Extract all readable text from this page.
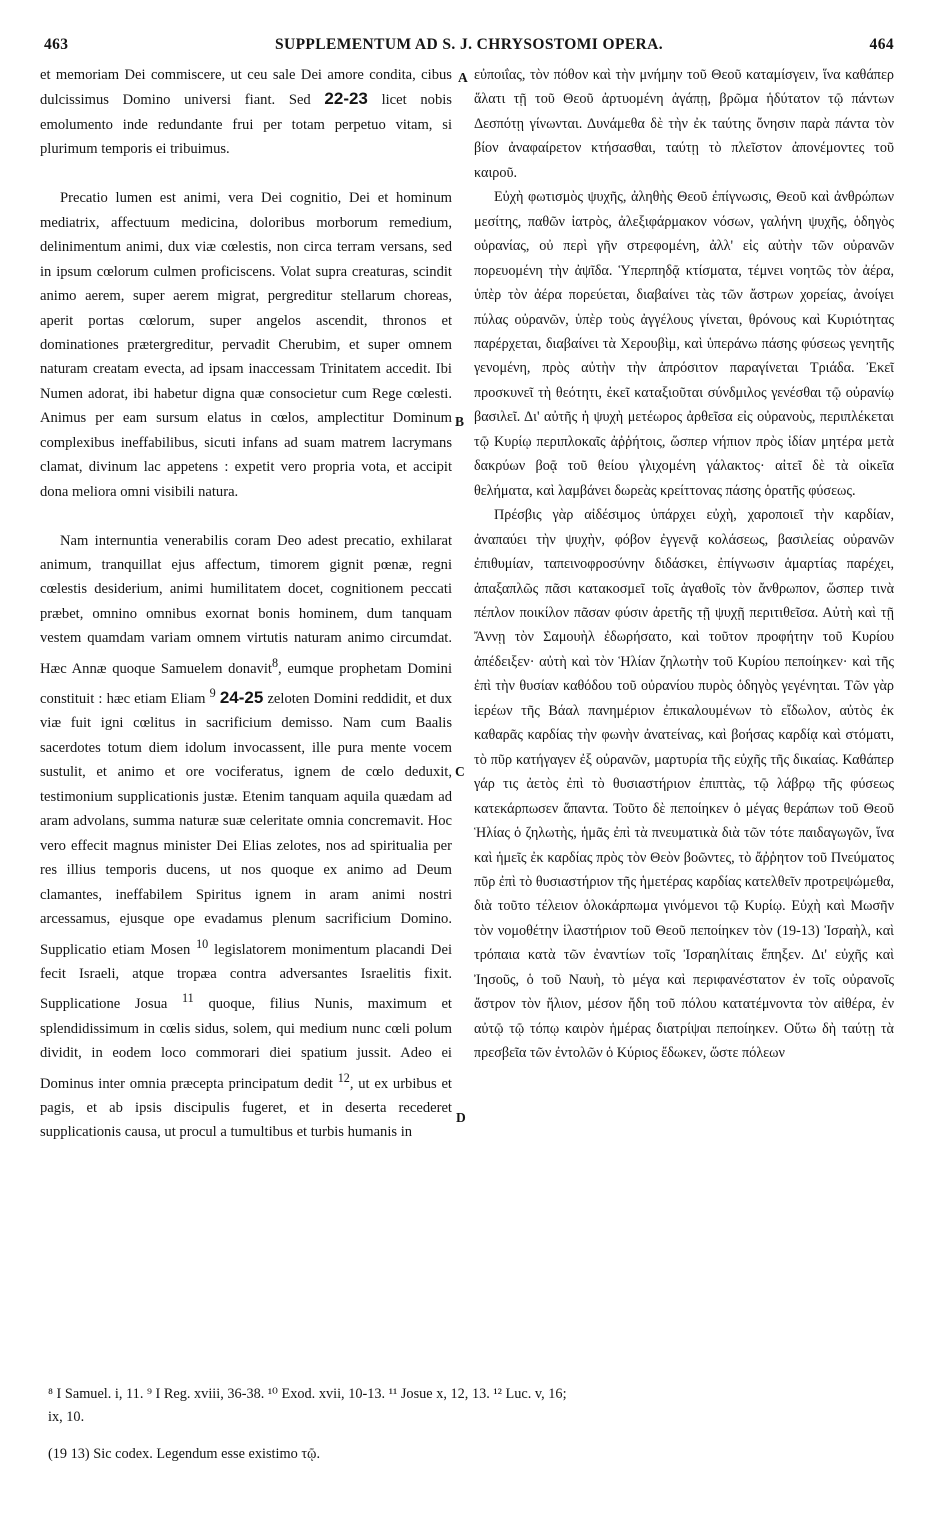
463	SUPPLEMENTUM AD S. J. CHRYSOSTOMI OPERA.	464
A
B
C
D

et memoriam Dei commiscere, ut ceu sale Dei amore condita, cibus dulcissimus Domino universi fiant. Sed 22-23 licet nobis emolumento inde redundante frui per totam perpetuo vitam, si plurimum temporis ei tribuimus.

Precatio lumen est animi, vera Dei cognitio, Dei et hominum mediatrix, affectuum medicina, doloribus morborum remedium, delinimentum animi, dux viæ cœlestis, non circa terram versans, sed in ipsum cœlorum culmen proficiscens. Volat supra creaturas, scindit animo aerem, super aerem migrat, pergreditur stellarum choreas, aperit portas cœlorum, super angelos ascendit, thronos et dominationes prætergreditur, pervadit Cherubim, et super omnem naturam creatam evecta, ad ipsam inaccessam Trinitatem accedit. Ibi Numen adorat, ibi habetur digna quæ consocietur cum Rege cœlesti. Animus per eam sursum elatus in cœlos, amplectitur Dominum complexibus ineffabilibus, sicuti infans ad suam matrem lacrymans clamat, divinum lac appetens : expetit vero propria vota, et accipit dona meliora omni visibili natura.

Nam internuntia venerabilis coram Deo adest precatio, exhilarat animum, tranquillat ejus affectum, timorem gignit pœnæ, regni cœlestis desiderium, animi humilitatem docet, cognitionem peccati præbet, omnino omnibus exornat bonis hominem, dum tanquam vestem quamdam variam omnem virtutis naturam animo circumdat. Hæc Annæ quoque Samuelem donavit$^8$, eumque prophetam Domini constituit : hæc etiam Eliam $^9$ 24-25 zeloten Domini reddidit, et dux viæ fuit igni cœlitus in sacrificium demisso. Nam cum Baalis sacerdotes totum diem idolum invocassent, ille pura mente vocem sustulit, et animo et ore vociferatus, ignem de cœlo deduxit, testimonium supplicationis justæ. Etenim tanquam aquila quædam ad aram advolans, summa naturæ suæ celeritate omnia concremavit. Hoc vero effecit magnus minister Dei Elias zelotes, nos ad spiritualia per res illius temporis ducens, ut nos quoque ex animo ad Deum clamantes, ineffabilem Spiritus ignem in aram animi nostri arcessamus, ejusque ope evadamus plenum sacrificium Domino. Supplicatio etiam Mosen $^{10}$ legislatorem monimentum placandi Dei fecit Israeli, atque tropæa contra adversantes Israelitis fixit. Supplicatione Josua $^{11}$ quoque, filius Nunis, maximum et splendidissimum in cœlis sidus, solem, qui medium nunc cœli polum dividit, in eodem loco commorari diei spatium jussit. Adeo ei Dominus inter omnia præcepta principatum dedit $^{12}$, ut ex urbibus et pagis, et ab ipsis discipulis fugeret, et in deserta recederet supplicationis causa, ut procul a tumultibus et turbis humanis in

εὐποιΐας, τὸν πόθον καὶ τὴν μνήμην τοῦ Θεοῦ καταμίσγειν, ἵνα καθάπερ ἅλατι τῇ τοῦ Θεοῦ ἀρτυομένη ἀγάπῃ, βρῶμα ἡδύτατον τῷ πάντων Δεσπότῃ γίνωνται. Δυνάμεθα δὲ τὴν ἐκ ταύτης ὄνησιν παρὰ πάντα τὸν βίον ἀναφαίρετον κτήσασθαι, ταύτῃ τὸ πλεῖστον ἀπονέμοντες τοῦ καιροῦ.

Εὐχὴ φωτισμὸς ψυχῆς, ἀληθὴς Θεοῦ ἐπίγνωσις, Θεοῦ καὶ ἀνθρώπων μεσίτης, παθῶν ἰατρὸς, ἀλεξιφάρμακον νόσων, γαλήνη ψυχῆς, ὁδηγὸς οὐρανίας, οὐ περὶ γῆν στρεφομένη, ἀλλ' εἰς αὐτὴν τῶν οὐρανῶν πορευομένη τὴν ἀψῖδα. Ὑπερπηδᾷ κτίσματα, τέμνει νοητῶς τὸν ἀέρα, ὑπὲρ τὸν ἀέρα πορεύεται, διαβαίνει τὰς τῶν ἄστρων χορείας, ἀνοίγει πύλας οὐρανῶν, ὑπὲρ τοὺς ἀγγέλους γίνεται, θρόνους καὶ Κυριότητας παρέρχεται, διαβαίνει τὰ Χερουβὶμ, καὶ ὑπεράνω πάσης φύσεως γενητῆς γενομένη, πρὸς αὐτὴν τὴν ἀπρόσιτον παραγίνεται Τριάδα. Ἐκεῖ προσκυνεῖ τὴ θεότητι, ἐκεῖ καταξιοῦται σύνδμιλος γενέσθαι τῷ οὐρανίῳ βασιλεῖ. Δι' αὐτῆς ἡ ψυχὴ μετέωρος ἀρθεῖσα εἰς οὐρανοὺς, περιπλέκεται τῷ Κυρίῳ περιπλοκαῖς ἀῤῥήτοις, ὥσπερ νήπιον πρὸς ἰδίαν μητέρα μετὰ δακρύων βοᾷ τοῦ θείου γλιχομένη γάλακτος· αἰτεῖ δὲ τὰ οἰκεῖα θελήματα, καὶ λαμβάνει δωρεὰς κρείττονας πάσης ὁρατῆς φύσεως.

Πρέσβις γὰρ αἰδέσιμος ὑπάρχει εὐχὴ, χαροποιεῖ τὴν καρδίαν, ἀναπαύει τὴν ψυχὴν, φόβον ἐγγενᾷ κολάσεως, βασιλείας οὐρανῶν ἐπιθυμίαν, ταπεινοφροσύνην διδάσκει, ἐπίγνωσιν ἁμαρτίας παρέχει, ἁπαξαπλῶς πᾶσι κατακοσμεῖ τοῖς ἀγαθοῖς τὸν ἄνθρωπον, ὥσπερ τινὰ πέπλον ποικίλον πᾶσαν φύσιν ἀρετῆς τῇ ψυχῇ περιτιθεῖσα. Αὐτὴ καὶ τῇ Ἄννῃ τὸν Σαμουὴλ ἐδωρήσατο, καὶ τοῦτον προφήτην τοῦ Κυρίου ἀπέδειξεν· αὐτὴ καὶ τὸν Ἡλίαν ζηλωτὴν τοῦ Κυρίου πεποίηκεν· καὶ τῆς ἐπὶ τὴν θυσίαν καθόδου τοῦ οὐρανίου πυρὸς ὁδηγὸς γεγένηται. Τῶν γὰρ ἱερέων τῆς Βάαλ πανημέριον ἐπικαλουμένων τὸ εἴδωλον, αὐτὸς ἐκ καθαρᾶς καρδίας τὴν φωνὴν ἀνατείνας, καὶ βοήσας καρδίᾳ καὶ στόματι, τὸ πῦρ κατήγαγεν ἐξ οὐρανῶν, μαρτυρία τῆς εὐχῆς τῆς δικαίας. Καθάπερ γάρ τις ἀετὸς ἐπὶ τὸ θυσιαστήριον ἐπιπτὰς, τῷ λάβρῳ τῆς φύσεως κατεκάρπωσεν ἅπαντα. Τοῦτο δὲ πεποίηκεν ὁ μέγας θεράπων τοῦ Θεοῦ Ἡλίας ὁ ζηλωτὴς, ἡμᾶς ἐπὶ τὰ πνευματικὰ διὰ τῶν τότε παιδαγωγῶν, ἵνα καὶ ἡμεῖς ἐκ καρδίας πρὸς τὸν Θεὸν βοῶντες, τὸ ἄῤῥητον τοῦ Πνεύματος πῦρ ἐπὶ τὸ θυσιαστήριον τῆς ἡμετέρας καρδίας κατελθεῖν προτρεψώμεθα, διὰ τοῦτο τέλειον ὁλοκάρπωμα γινόμενοι τῷ Κυρίῳ. Εὐχὴ καὶ Μωσῆν τὸν νομοθέτην ἱλαστήριον τοῦ Θεοῦ πεποίηκεν τὸν (19-13) Ἰσραὴλ, καὶ τρόπαια κατὰ τῶν ἐναντίων τοῖς Ἰσραηλίταις ἔπηξεν. Δι' εὐχῆς καὶ Ἰησοῦς, ὁ τοῦ Ναυὴ, τὸ μέγα καὶ περιφανέστατον ἐν τοῖς οὐρανοῖς ἄστρον τὸν ἥλιον, μέσον ἤδη τοῦ πόλου κατατέμνοντα τὸν αἰθέρα, ἐν αὐτῷ τῷ τόπῳ καιρὸν ἡμέρας διατρίψαι πεποίηκεν. Οὕτω δὴ ταύτῃ τὰ πρεσβεῖα τῶν ἐντολῶν ὁ Κύριος ἔδωκεν, ὥστε πόλεων

⁸ I Samuel. i, 11. ⁹ I Reg. xviii, 36-38. ¹⁰ Exod. xvii, 10-13. ¹¹ Josue x, 12, 13. ¹² Luc. v, 16;

ix, 10.

(19 13) Sic codex. Legendum esse existimo τῷ.
